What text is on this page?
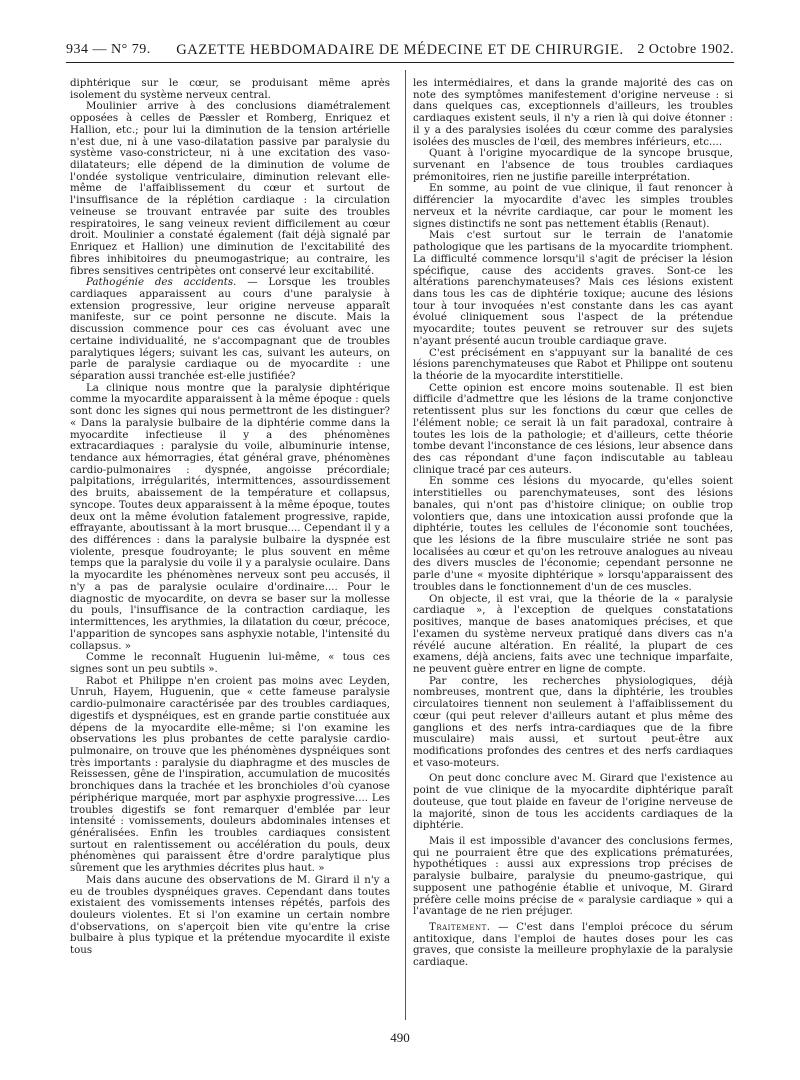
934 — N° 79.	GAZETTE HEBDOMADAIRE DE MÉDECINE ET DE CHIRURGIE. 2 Octobre 1902.

diphtérique sur le cœur, se produisant même après isolement du système nerveux central.

Moulinier arrive à des conclusions diamétralement opposées à celles de Pæssler et Romberg, Enriquez et Hallion, etc.; pour lui la diminution de la tension artérielle n'est due, ni à une vaso-dilatation passive par paralysie du système vaso-constricteur, ni à une excitation des vaso-dilatateurs; elle dépend de la diminution de volume de l'ondée systolique ventriculaire, diminution relevant elle-même de l'affaiblissement du cœur et surtout de l'insuffisance de la réplétion cardiaque : la circulation veineuse se trouvant entravée par suite des troubles respiratoires, le sang veineux revient difficilement au cœur droit. Moulinier a constaté également (fait déjà signalé par Enriquez et Hallion) une diminution de l'excitabilité des fibres inhibitoires du pneumogastrique; au contraire, les fibres sensitives centripètes ont conservé leur excitabilité.

Pathogénie des accidents. — Lorsque les troubles cardiaques apparaissent au cours d'une paralysie à extension progressive, leur origine nerveuse apparaît manifeste, sur ce point personne ne discute. Mais la discussion commence pour ces cas évoluant avec une certaine individualité, ne s'accompagnant que de troubles paralytiques légers; suivant les cas, suivant les auteurs, on parle de paralysie cardiaque ou de myocardite : une séparation aussi tranchée est-elle justifiée?

La clinique nous montre que la paralysie diphtérique comme la myocardite apparaissent à la même époque : quels sont donc les signes qui nous permettront de les distinguer? « Dans la paralysie bulbaire de la diphtérie comme dans la myocardite infectieuse il y a des phénomènes extracardiaques : paralysie du voile, albuminurie intense, tendance aux hémorragies, état général grave, phénomènes cardio-pulmonaires : dyspnée, angoisse précordiale; palpitations, irrégularités, intermittences, assourdissement des bruits, abaissement de la température et collapsus, syncope. Toutes deux apparaissent à la même époque, toutes deux ont la même évolution fatalement progressive, rapide, effrayante, aboutissant à la mort brusque.... Cependant il y a des différences : dans la paralysie bulbaire la dyspnée est violente, presque foudroyante; le plus souvent en même temps que la paralysie du voile il y a paralysie oculaire. Dans la myocardite les phénomènes nerveux sont peu accusés, il n'y a pas de paralysie oculaire d'ordinaire.... Pour le diagnostic de myocardite, on devra se baser sur la mollesse du pouls, l'insuffisance de la contraction cardiaque, les intermittences, les arythmies, la dilatation du cœur, précoce, l'apparition de syncopes sans asphyxie notable, l'intensité du collapsus. »

Comme le reconnaît Huguenin lui-même, « tous ces signes sont un peu subtils ».

Rabot et Philippe n'en croient pas moins avec Leyden, Unruh, Hayem, Huguenin, que « cette fameuse paralysie cardio-pulmonaire caractérisée par des troubles cardiaques, digestifs et dyspnéiques, est en grande partie constituée aux dépens de la myocardite elle-même; si l'on examine les observations les plus probantes de cette paralysie cardio-pulmonaire, on trouve que les phénomènes dyspnéiques sont très importants : paralysie du diaphragme et des muscles de Reissessen, gêne de l'inspiration, accumulation de mucosités bronchiques dans la trachée et les bronchioles d'où cyanose périphérique marquée, mort par asphyxie progressive.... Les troubles digestifs se font remarquer d'emblée par leur intensité : vomissements, douleurs abdominales intenses et généralisées. Enfin les troubles cardiaques consistent surtout en ralentissement ou accélération du pouls, deux phénomènes qui paraissent être d'ordre paralytique plus sûrement que les arythmies décrites plus haut. »

Mais dans aucune des observations de M. Girard il n'y a eu de troubles dyspnéiques graves. Cependant dans toutes existaient des vomissements intenses répétés, parfois des douleurs violentes. Et si l'on examine un certain nombre d'observations, on s'aperçoit bien vite qu'entre la crise bulbaire à plus typique et la prétendue myocardite il existe tous

les intermédiaires, et dans la grande majorité des cas on note des symptômes manifestement d'origine nerveuse : si dans quelques cas, exceptionnels d'ailleurs, les troubles cardiaques existent seuls, il n'y a rien là qui doive étonner : il y a des paralysies isolées du cœur comme des paralysies isolées des muscles de l'œil, des membres inférieurs, etc....

Quant à l'origine myocardique de la syncope brusque, survenant en l'absence de tous troubles cardiaques prémonitoires, rien ne justifie pareille interprétation.

En somme, au point de vue clinique, il faut renoncer à différencier la myocardite d'avec les simples troubles nerveux et la névrite cardiaque, car pour le moment les signes distinctifs ne sont pas nettement établis (Renaut).

Mais c'est surtout sur le terrain de l'anatomie pathologique que les partisans de la myocardite triomphent. La difficulté commence lorsqu'il s'agit de préciser la lésion spécifique, cause des accidents graves. Sont-ce les altérations parenchymateuses? Mais ces lésions existent dans tous les cas de diphtérie toxique; aucune des lésions tour à tour invoquées n'est constante dans les cas ayant évolué cliniquement sous l'aspect de la prétendue myocardite; toutes peuvent se retrouver sur des sujets n'ayant présenté aucun trouble cardiaque grave.

C'est précisément en s'appuyant sur la banalité de ces lésions parenchymateuses que Rabot et Philippe ont soutenu la théorie de la myocardite interstitielle.

Cette opinion est encore moins soutenable. Il est bien difficile d'admettre que les lésions de la trame conjonctive retentissent plus sur les fonctions du cœur que celles de l'élément noble; ce serait là un fait paradoxal, contraire à toutes les lois de la pathologie; et d'ailleurs, cette théorie tombe devant l'inconstance de ces lésions, leur absence dans des cas répondant d'une façon indiscutable au tableau clinique tracé par ces auteurs.

En somme ces lésions du myocarde, qu'elles soient interstitielles ou parenchymateuses, sont des lésions banales, qui n'ont pas d'histoire clinique; on oublie trop volontiers que, dans une intoxication aussi profonde que la diphtérie, toutes les cellules de l'économie sont touchées, que les lésions de la fibre musculaire striée ne sont pas localisées au cœur et qu'on les retrouve analogues au niveau des divers muscles de l'économie; cependant personne ne parle d'une « myosite diphtérique » lorsqu'apparaissent des troubles dans le fonctionnement d'un de ces muscles.

On objecte, il est vrai, que la théorie de la « paralysie cardiaque », à l'exception de quelques constatations positives, manque de bases anatomiques précises, et que l'examen du système nerveux pratiqué dans divers cas n'a révélé aucune altération. En réalité, la plupart de ces examens, déjà anciens, faits avec une technique imparfaite, ne peuvent guère entrer en ligne de compte.

Par contre, les recherches physiologiques, déjà nombreuses, montrent que, dans la diphtérie, les troubles circulatoires tiennent non seulement à l'affaiblissement du cœur (qui peut relever d'ailleurs autant et plus même des ganglions et des nerfs intra-cardiaques que de la fibre musculaire) mais aussi, et surtout peut-être aux modifications profondes des centres et des nerfs cardiaques et vaso-moteurs.

On peut donc conclure avec M. Girard que l'existence au point de vue clinique de la myocardite diphtérique paraît douteuse, que tout plaide en faveur de l'origine nerveuse de la majorité, sinon de tous les accidents cardiaques de la diphtérie.

Mais il est impossible d'avancer des conclusions fermes, qui ne pourraient être que des explications prématurées, hypothétiques : aussi aux expressions trop précises de paralysie bulbaire, paralysie du pneumo-gastrique, qui supposent une pathogénie établie et univoque, M. Girard préfère celle moins précise de « paralysie cardiaque » qui a l'avantage de ne rien préjuger.

Traitement. — C'est dans l'emploi précoce du sérum antitoxique, dans l'emploi de hautes doses pour les cas graves, que consiste la meilleure prophylaxie de la paralysie cardiaque.

490
